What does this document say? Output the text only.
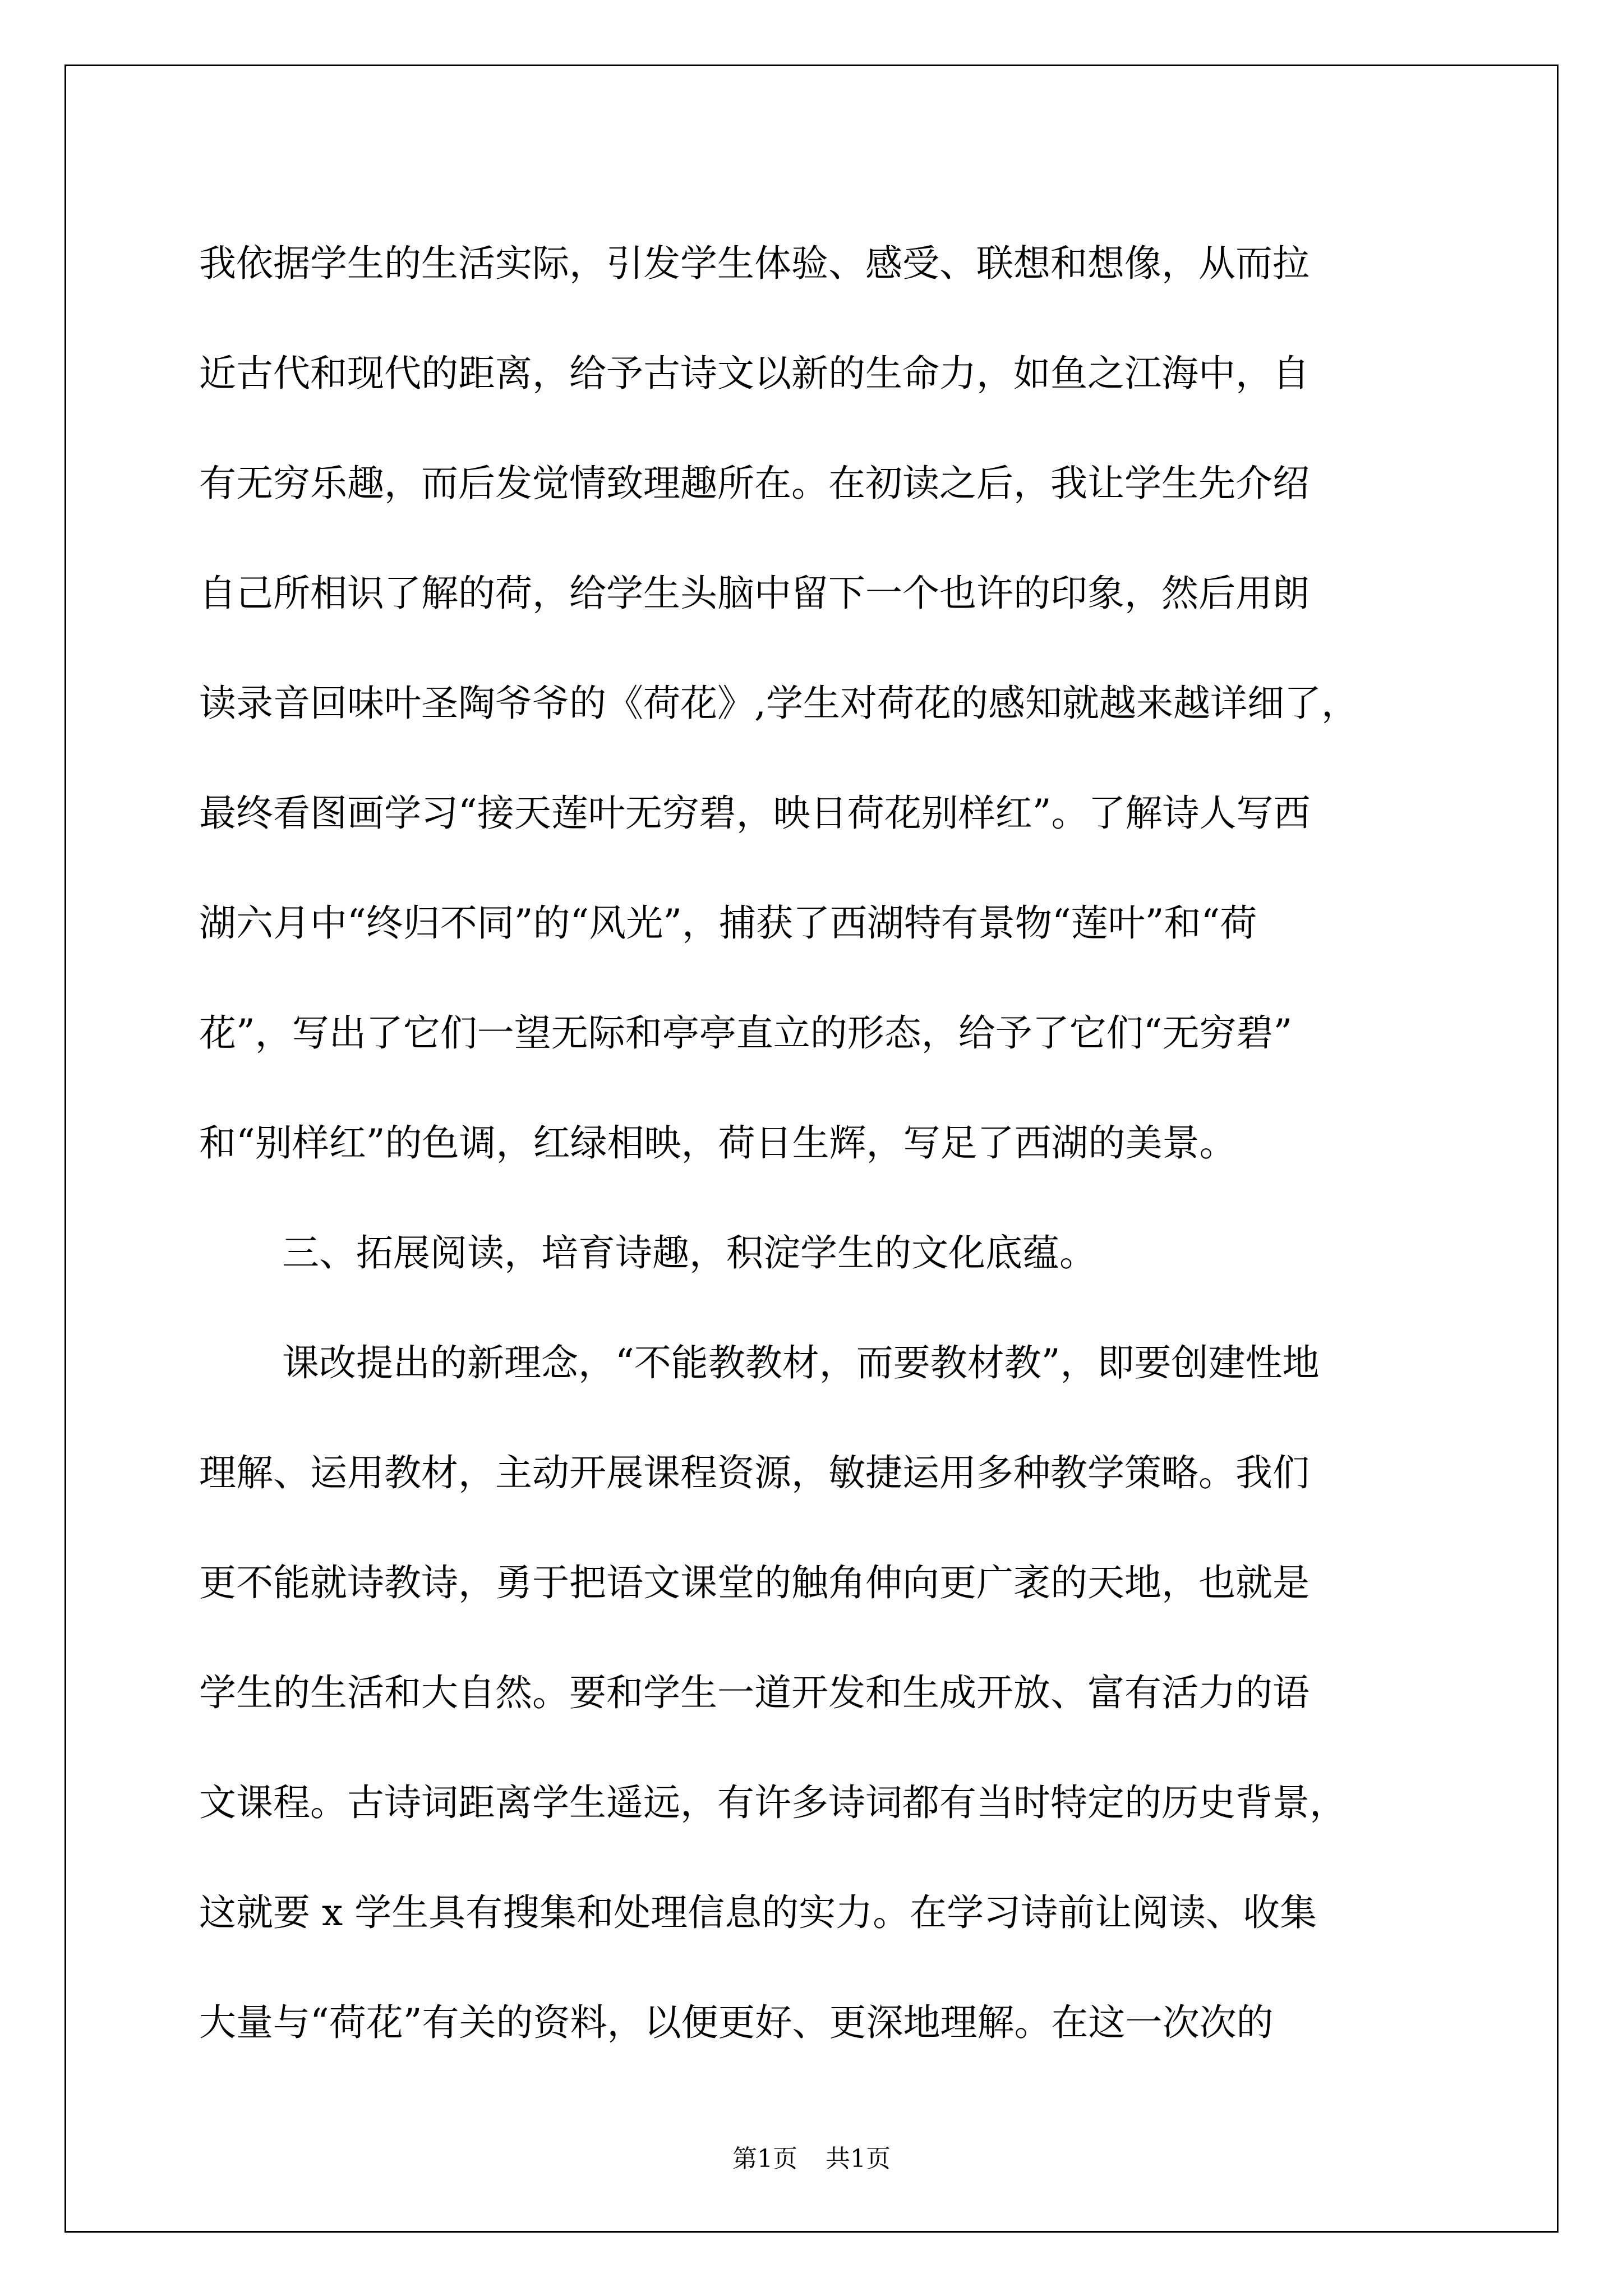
我依据学生的生活实际，引发学生体验、感受、联想和想像，从而拉
近古代和现代的距离，给予古诗文以新的生命力，如鱼之江海中，自
有无穷乐趣，而后发觉情致理趣所在。在初读之后，我让学生先介绍
自己所相识了解的荷，给学生头脑中留下一个也许的印象，然后用朗
读录音回味叶圣陶爷爷的《荷花》,学生对荷花的感知就越来越详细了，
最终看图画学习“接天莲叶无穷碧，映日荷花别样红”。了解诗人写西
湖六月中“终归不同”的“风光”，捕获了西湖特有景物“莲叶”和“荷
花”，写出了它们一望无际和亭亭直立的形态，给予了它们“无穷碧”
和“别样红”的色调，红绿相映，荷日生辉，写足了西湖的美景。
三、拓展阅读，培育诗趣，积淀学生的文化底蕴。
课改提出的新理念，“不能教教材，而要教材教”，即要创建性地
理解、运用教材，主动开展课程资源，敏捷运用多种教学策略。我们
更不能就诗教诗，勇于把语文课堂的触角伸向更广袤的天地，也就是
学生的生活和大自然。要和学生一道开发和生成开放、富有活力的语
文课程。古诗词距离学生遥远，有许多诗词都有当时特定的历史背景，
这就要 x 学生具有搜集和处理信息的实力。在学习诗前让阅读、收集
大量与“荷花”有关的资料，以便更好、更深地理解。在这一次次的
第1页 共1页
